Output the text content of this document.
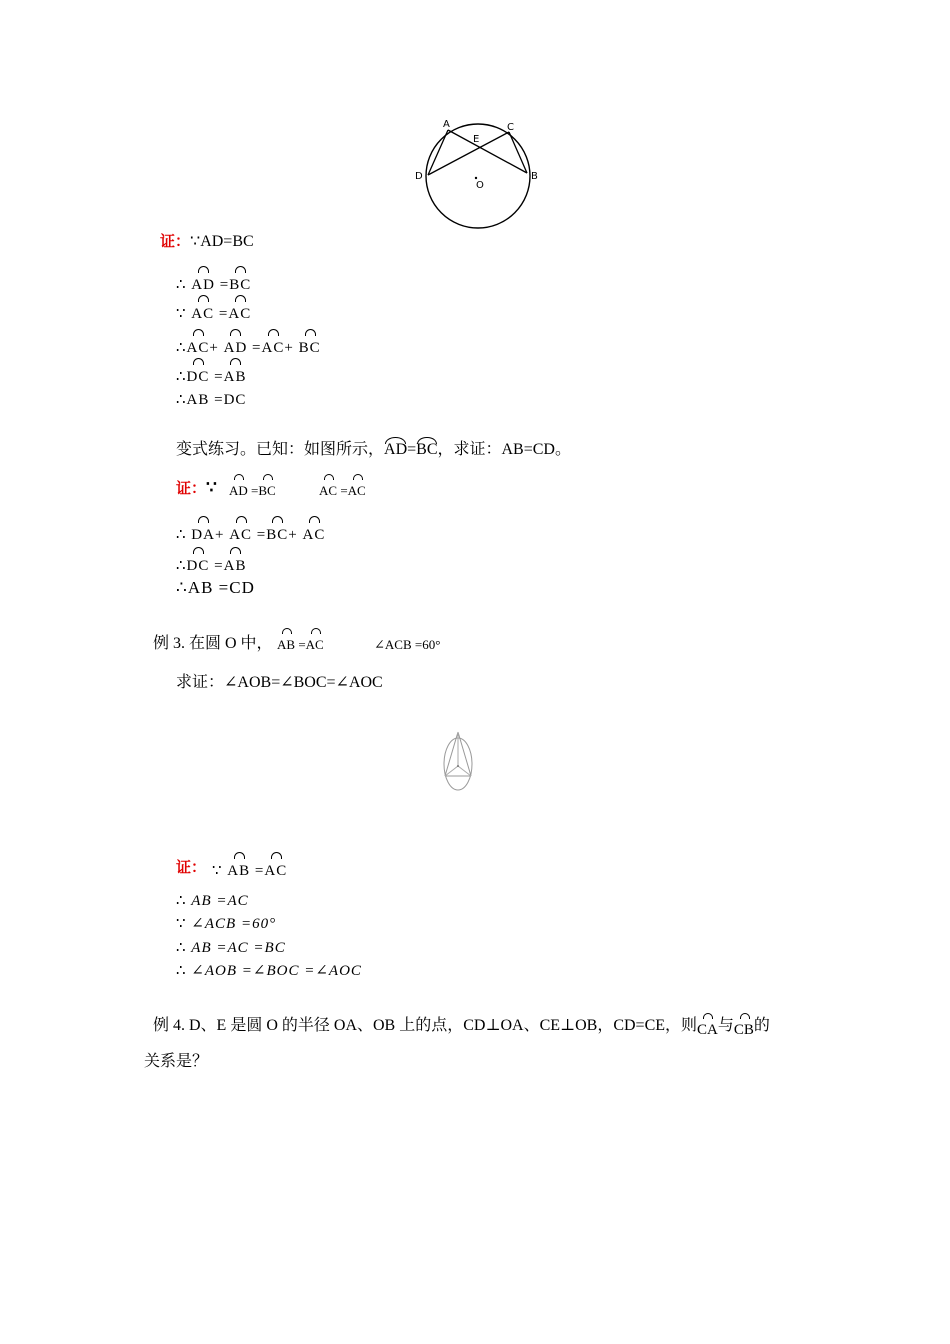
A
E
C
D	B
O
证：∵AD=BC
∴ AD =BC
∵ AC =AC
∴AC+ AD =AC+ BC
∴DC =AB
∴AB =DC
变式练习。已知：如图所示，AD=BC，求证：AB=CD。
证：∵ AD =BC	AC =AC
∴ DA+ AC =BC+ AC
∴DC =AB
∴AB =CD
例 3. 在圆 O 中， AB =AC	∠ACB =60°
求证：∠AOB=∠BOC=∠AOC
证： ∵ AB =AC
∴ AB =AC
∵ ∠ACB =60°
∴ AB =AC =BC
∴ ∠AOB =∠BOC =∠AOC
例 4. D、E 是圆 O 的半径 OA、OB 上的点，CD⊥OA、CE⊥OB，CD=CE，则CA与CB的
关系是？
